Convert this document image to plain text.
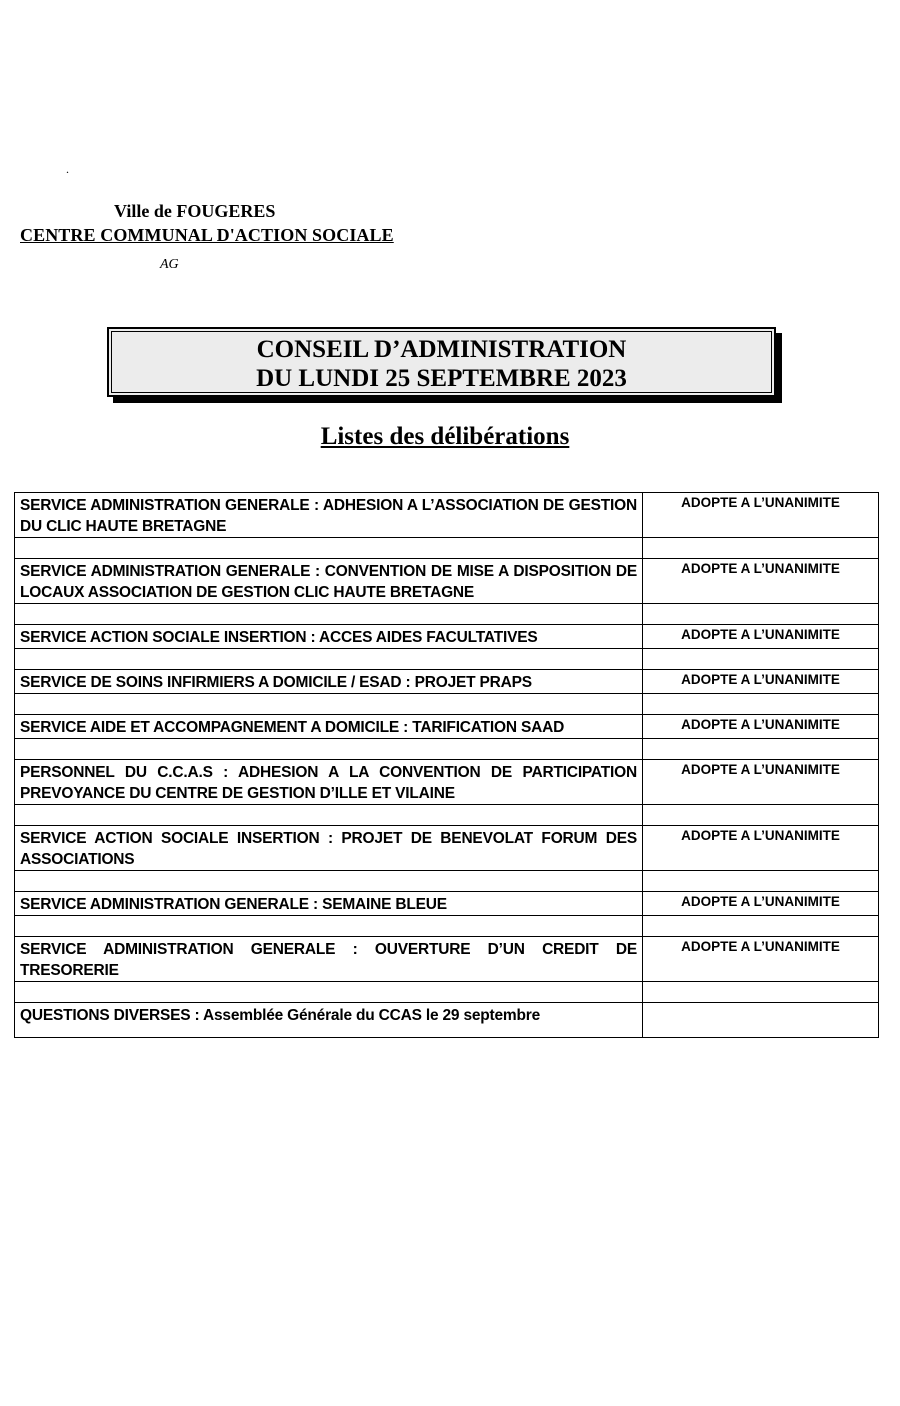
.
Ville de FOUGERES
CENTRE COMMUNAL D'ACTION SOCIALE
AG
CONSEIL D’ADMINISTRATION
DU LUNDI 25 SEPTEMBRE 2023
Listes des délibérations
SERVICE ADMINISTRATION GENERALE : ADHESION A L’ASSOCIATION DE GESTION DU CLIC HAUTE BRETAGNE	ADOPTE A L’UNANIMITE

SERVICE ADMINISTRATION GENERALE : CONVENTION DE MISE A DISPOSITION DE LOCAUX ASSOCIATION DE GESTION CLIC HAUTE BRETAGNE	ADOPTE A L’UNANIMITE

SERVICE ACTION SOCIALE INSERTION : ACCES AIDES FACULTATIVES	ADOPTE A L’UNANIMITE

SERVICE DE SOINS INFIRMIERS A DOMICILE / ESAD : PROJET PRAPS	ADOPTE A L’UNANIMITE

SERVICE AIDE ET ACCOMPAGNEMENT A DOMICILE : TARIFICATION SAAD	ADOPTE A L’UNANIMITE

PERSONNEL DU C.C.A.S : ADHESION A LA CONVENTION DE PARTICIPATION PREVOYANCE DU CENTRE DE GESTION D’ILLE ET VILAINE	ADOPTE A L’UNANIMITE

SERVICE ACTION SOCIALE INSERTION : PROJET DE BENEVOLAT FORUM DES ASSOCIATIONS	ADOPTE A L’UNANIMITE

SERVICE ADMINISTRATION GENERALE : SEMAINE BLEUE	ADOPTE A L’UNANIMITE

SERVICE ADMINISTRATION GENERALE : OUVERTURE D’UN CREDIT DE TRESORERIE	ADOPTE A L’UNANIMITE

QUESTIONS DIVERSES : Assemblée Générale du CCAS le 29 septembre	
